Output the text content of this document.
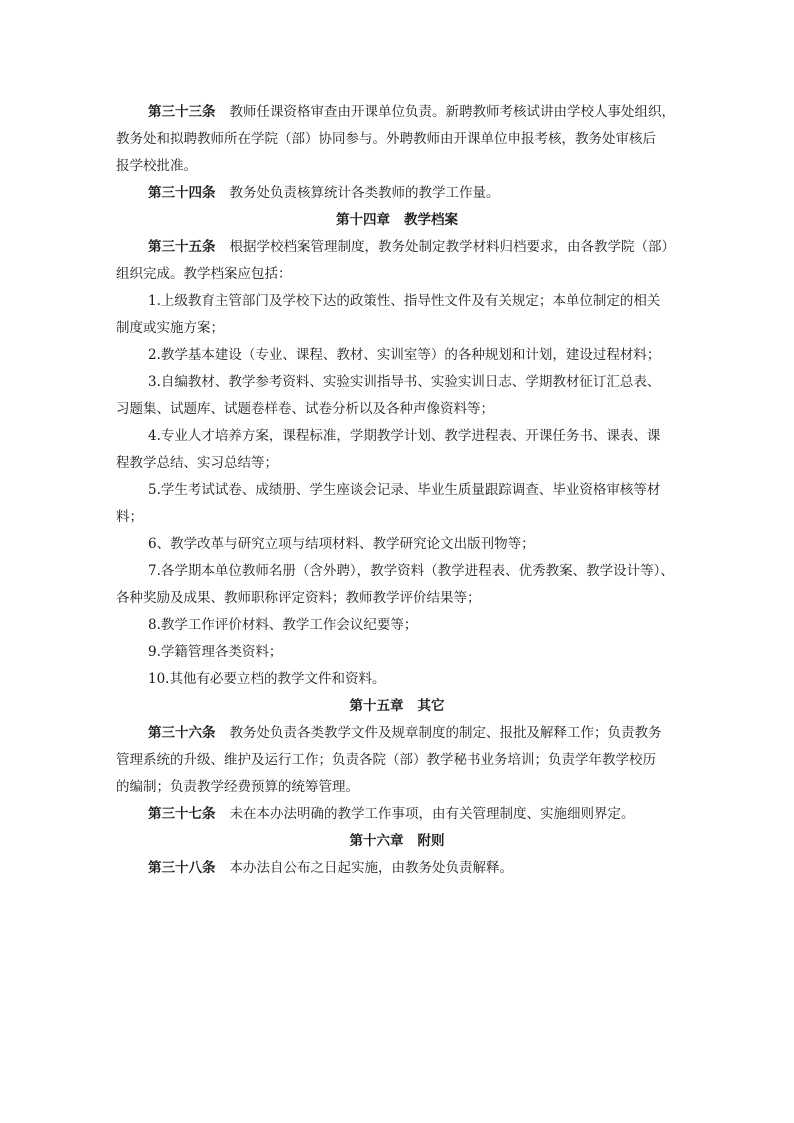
第三十三条 教师任课资格审查由开课单位负责。新聘教师考核试讲由学校人事处组织，
教务处和拟聘教师所在学院（部）协同参与。外聘教师由开课单位申报考核，教务处审核后
报学校批准。
第三十四条 教务处负责核算统计各类教师的教学工作量。
第十四章 教学档案
第三十五条 根据学校档案管理制度，教务处制定教学材料归档要求，由各教学院（部）
组织完成。教学档案应包括：
1.上级教育主管部门及学校下达的政策性、指导性文件及有关规定；本单位制定的相关
制度或实施方案；
2.教学基本建设（专业、课程、教材、实训室等）的各种规划和计划，建设过程材料；
3.自编教材、教学参考资料、实验实训指导书、实验实训日志、学期教材征订汇总表、
习题集、试题库、试题卷样卷、试卷分析以及各种声像资料等；
4.专业人才培养方案，课程标准，学期教学计划、教学进程表、开课任务书、课表、课
程教学总结、实习总结等；
5.学生考试试卷、成绩册、学生座谈会记录、毕业生质量跟踪调查、毕业资格审核等材
料；
6、教学改革与研究立项与结项材料、教学研究论文出版刊物等；
7.各学期本单位教师名册（含外聘），教学资料（教学进程表、优秀教案、教学设计等）、
各种奖励及成果、教师职称评定资料；教师教学评价结果等；
8.教学工作评价材料、教学工作会议纪要等；
9.学籍管理各类资料；
10.其他有必要立档的教学文件和资料。
第十五章 其它
第三十六条 教务处负责各类教学文件及规章制度的制定、报批及解释工作；负责教务
管理系统的升级、维护及运行工作；负责各院（部）教学秘书业务培训；负责学年教学校历
的编制；负责教学经费预算的统筹管理。
第三十七条 未在本办法明确的教学工作事项，由有关管理制度、实施细则界定。
第十六章 附则
第三十八条 本办法自公布之日起实施，由教务处负责解释。
